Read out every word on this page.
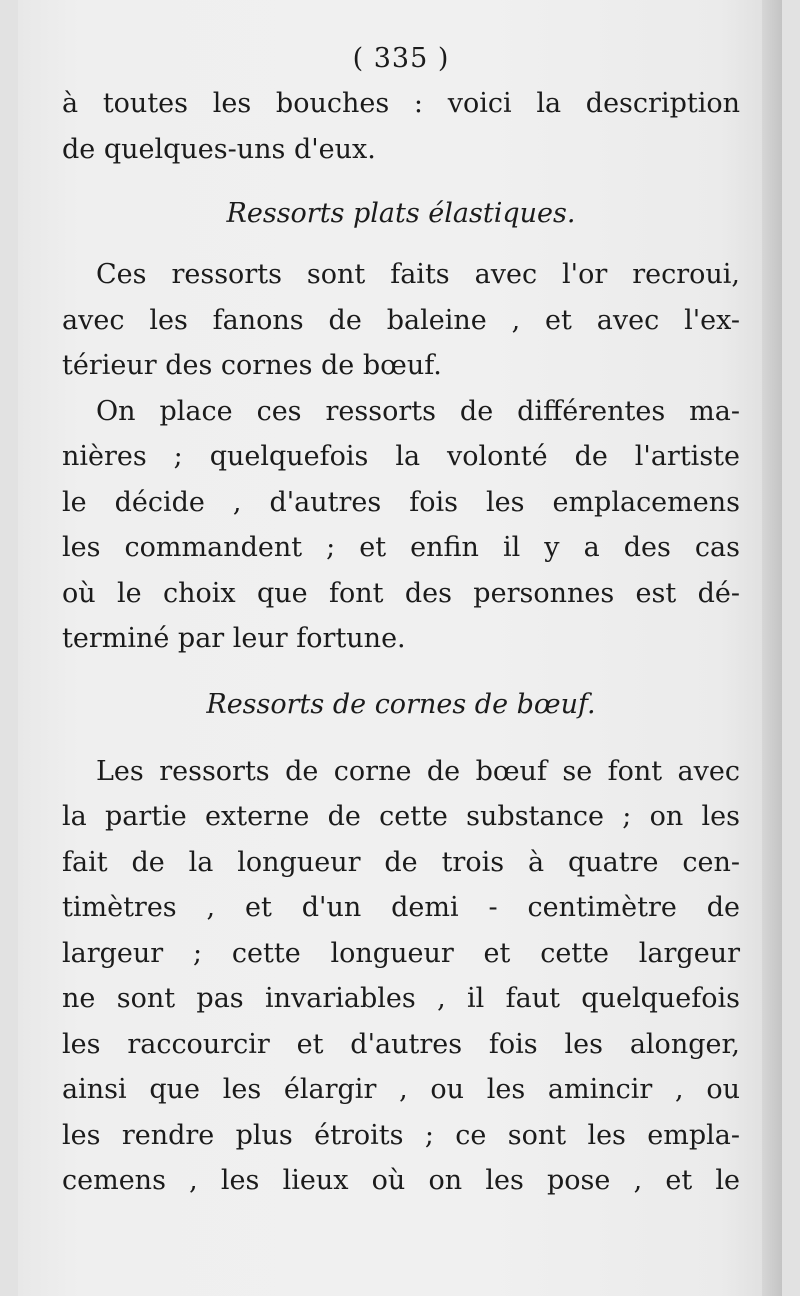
( 335 )

à toutes les bouches : voici la description
de quelques-uns d'eux.

Ressorts plats élastiques.

Ces ressorts sont faits avec l'or recroui,
avec les fanons de baleine , et avec l'ex-
térieur des cornes de bœuf.

On place ces ressorts de différentes ma-
nières ; quelquefois la volonté de l'artiste
le décide , d'autres fois les emplacemens
les commandent ; et enfin il y a des cas
où le choix que font des personnes est dé-
terminé par leur fortune.

Ressorts de cornes de bœuf.

Les ressorts de corne de bœuf se font avec
la partie externe de cette substance ; on les
fait de la longueur de trois à quatre cen-
timètres , et d'un demi - centimètre de
largeur ; cette longueur et cette largeur
ne sont pas invariables , il faut quelquefois
les raccourcir et d'autres fois les alonger,
ainsi que les élargir , ou les amincir , ou
les rendre plus étroits ; ce sont les empla-
cemens , les lieux où on les pose , et le
